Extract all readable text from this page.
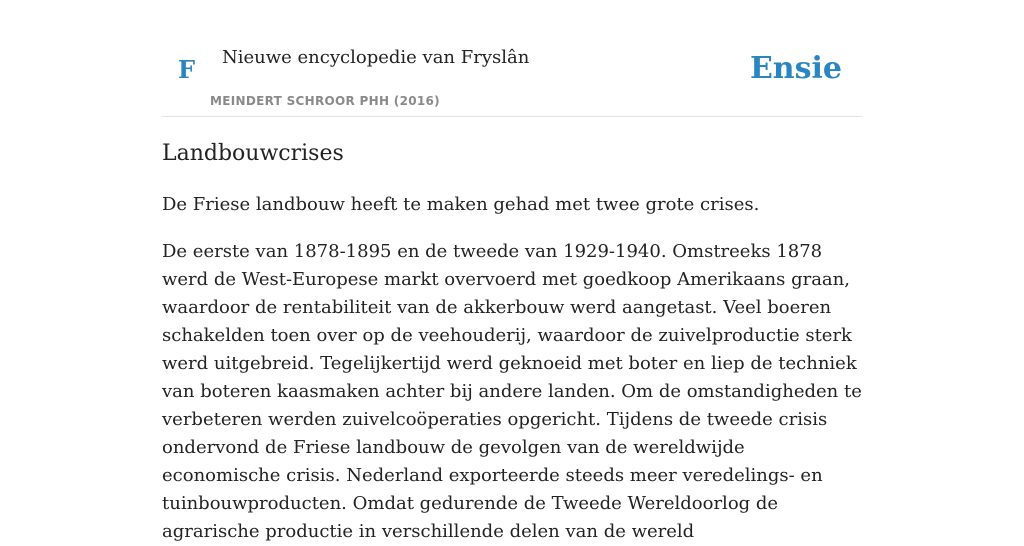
F Nieuwe encyclopedie van Fryslân
MEINDERT SCHROOR PHH (2016)
Ensie
Landbouwcrises

De Friese landbouw heeft te maken gehad met twee grote crises.

De eerste van 1878-1895 en de tweede van 1929-1940. Omstreeks 1878 werd de West-Europese markt overvoerd met goedkoop Amerikaans graan, waardoor de rentabiliteit van de akkerbouw werd aangetast. Veel boeren schakelden toen over op de veehouderij, waardoor de zuivelproductie sterk werd uitgebreid. Tegelijkertijd werd geknoeid met boter en liep de techniek van boteren kaasmaken achter bij andere landen. Om de omstandigheden te verbeteren werden zuivelcoöperaties opgericht. Tijdens de tweede crisis ondervond de Friese landbouw de gevolgen van de wereldwijde economische crisis. Nederland exporteerde steeds meer veredelings- en tuinbouwproducten. Omdat gedurende de Tweede Wereldoorlog de agrarische productie in verschillende delen van de wereld
